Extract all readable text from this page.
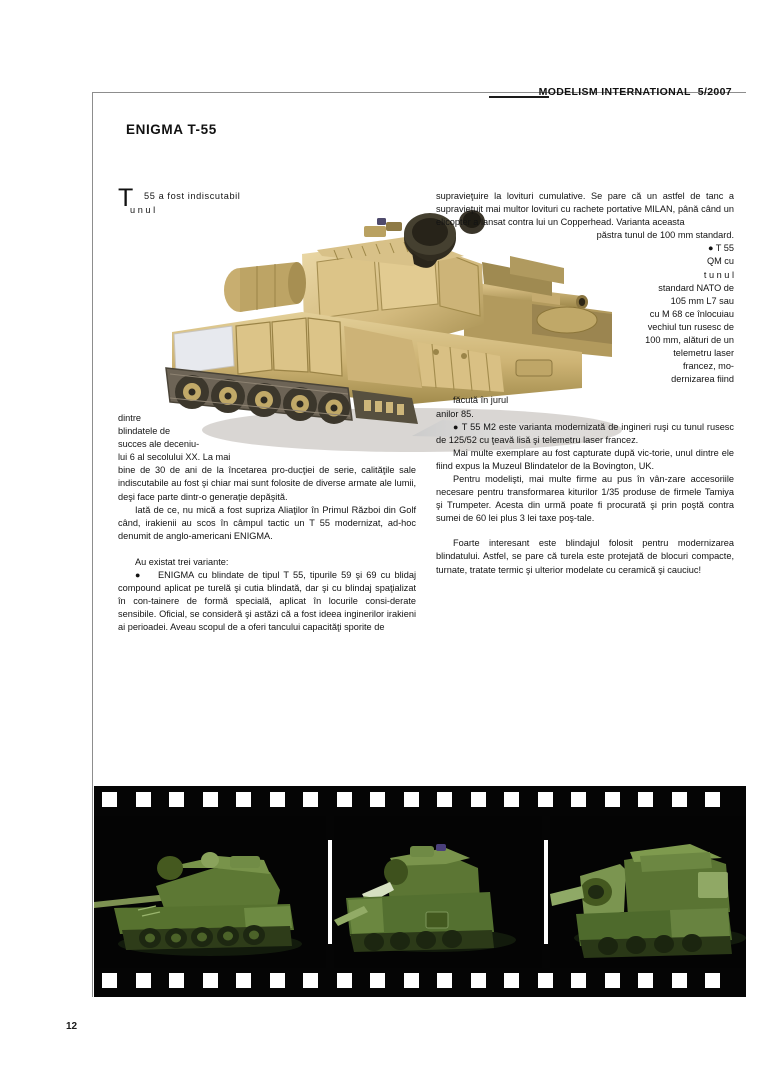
MODELISM INTERNATIONAL 5/2007
ENIGMA T-55
T
unul
55 a fost indiscutabil
dintre
blindatele de
succes ale deceniu-
lui 6 al secolului XX. La mai

bine de 30 de ani de la încetarea pro-ducţiei de serie, calităţile sale indiscutabile au fost şi chiar mai sunt folosite de diverse armate ale lumii, deşi face parte dintr-o generaţie depăşită.

Iată de ce, nu mică a fost supriza Aliaţilor în Primul Război din Golf când, irakienii au scos în câmpul tactic un T 55 modernizat, ad-hoc denumit de anglo-americani ENIGMA.

Au existat trei variante:

● ENIGMA cu blindate de tipul T 55, tipurile 59 şi 69 cu blidaj compound aplicat pe turelă şi cutia blindată, dar şi cu blindaj spaţializat în con-tainere de formă specială, aplicat în locurile consi-derate sensibile. Oficial, se consideră şi astăzi că a fost ideea inginerilor irakieni ai perioadei. Aveau scopul de a oferi tancului capacităţi sporite de

supravieţuire la lovituri cumulative. Se pare că un astfel de tanc a supravieţuit mai multor lovituri cu rachete portative MILAN, până când un elicopter a lansat contra lui un Copperhead. Varianta aceasta

păstra tunul de 100 mm standard.

● T 55
QM cu
t u n u l
standard NATO de
105 mm L7 sau
cu M 68 ce înlocuiau
vechiul tun rusesc de
100 mm, alături de un
telemetru laser
francez, mo-
dernizarea fiind

făcută în jurul

anilor 85.

● T 55 M2 este varianta modernizată de ingineri ruşi cu tunul rusesc de 125/52 cu ţeavă lisă şi telemetru laser francez.

Mai multe exemplare au fost capturate după vic-torie, unul dintre ele fiind expus la Muzeul Blindatelor de la Bovington, UK.

Pentru modelişti, mai multe firme au pus în vân-zare accesoriile necesare pentru transformarea kiturilor 1/35 produse de firmele Tamiya şi Trumpeter. Acesta din urmă poate fi procurată şi prin poştă contra sumei de 60 lei plus 3 lei taxe poş-tale.

Foarte interesant este blindajul folosit pentru modernizarea blindatului. Astfel, se pare că turela este protejată de blocuri compacte, turnate, tratate termic şi ulterior modelate cu ceramică şi cauciuc!

12
